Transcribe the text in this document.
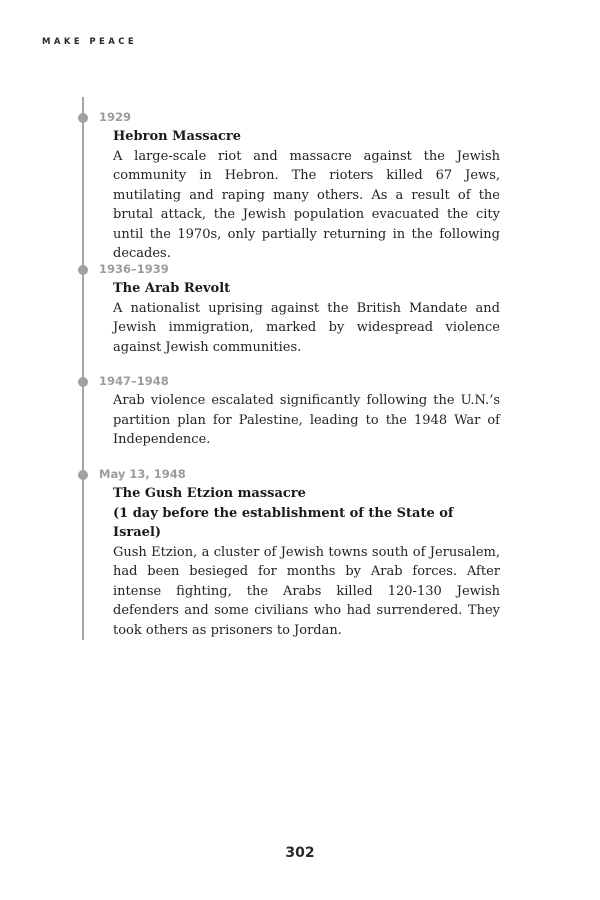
MAKE PEACE

1929

Hebron Massacre

A large-scale riot and massacre against the Jewish community in Hebron. The rioters killed 67 Jews, mutilating and raping many others. As a result of the brutal attack, the Jewish population evacuated the city until the 1970s, only partially returning in the following decades.

1936–1939

The Arab Revolt

A nationalist uprising against the British Mandate and Jewish immigration, marked by widespread violence against Jewish communities.

1947–1948

Arab violence escalated significantly following the U.N.’s partition plan for Palestine, leading to the 1948 War of Independence.

May 13, 1948

The Gush Etzion massacre

(1 day before the establishment of the State of Israel)

Gush Etzion, a cluster of Jewish towns south of Jerusalem, had been besieged for months by Arab forces. After intense fighting, the Arabs killed 120-130 Jewish defenders and some civilians who had surrendered. They took others as prisoners to Jordan.

302
